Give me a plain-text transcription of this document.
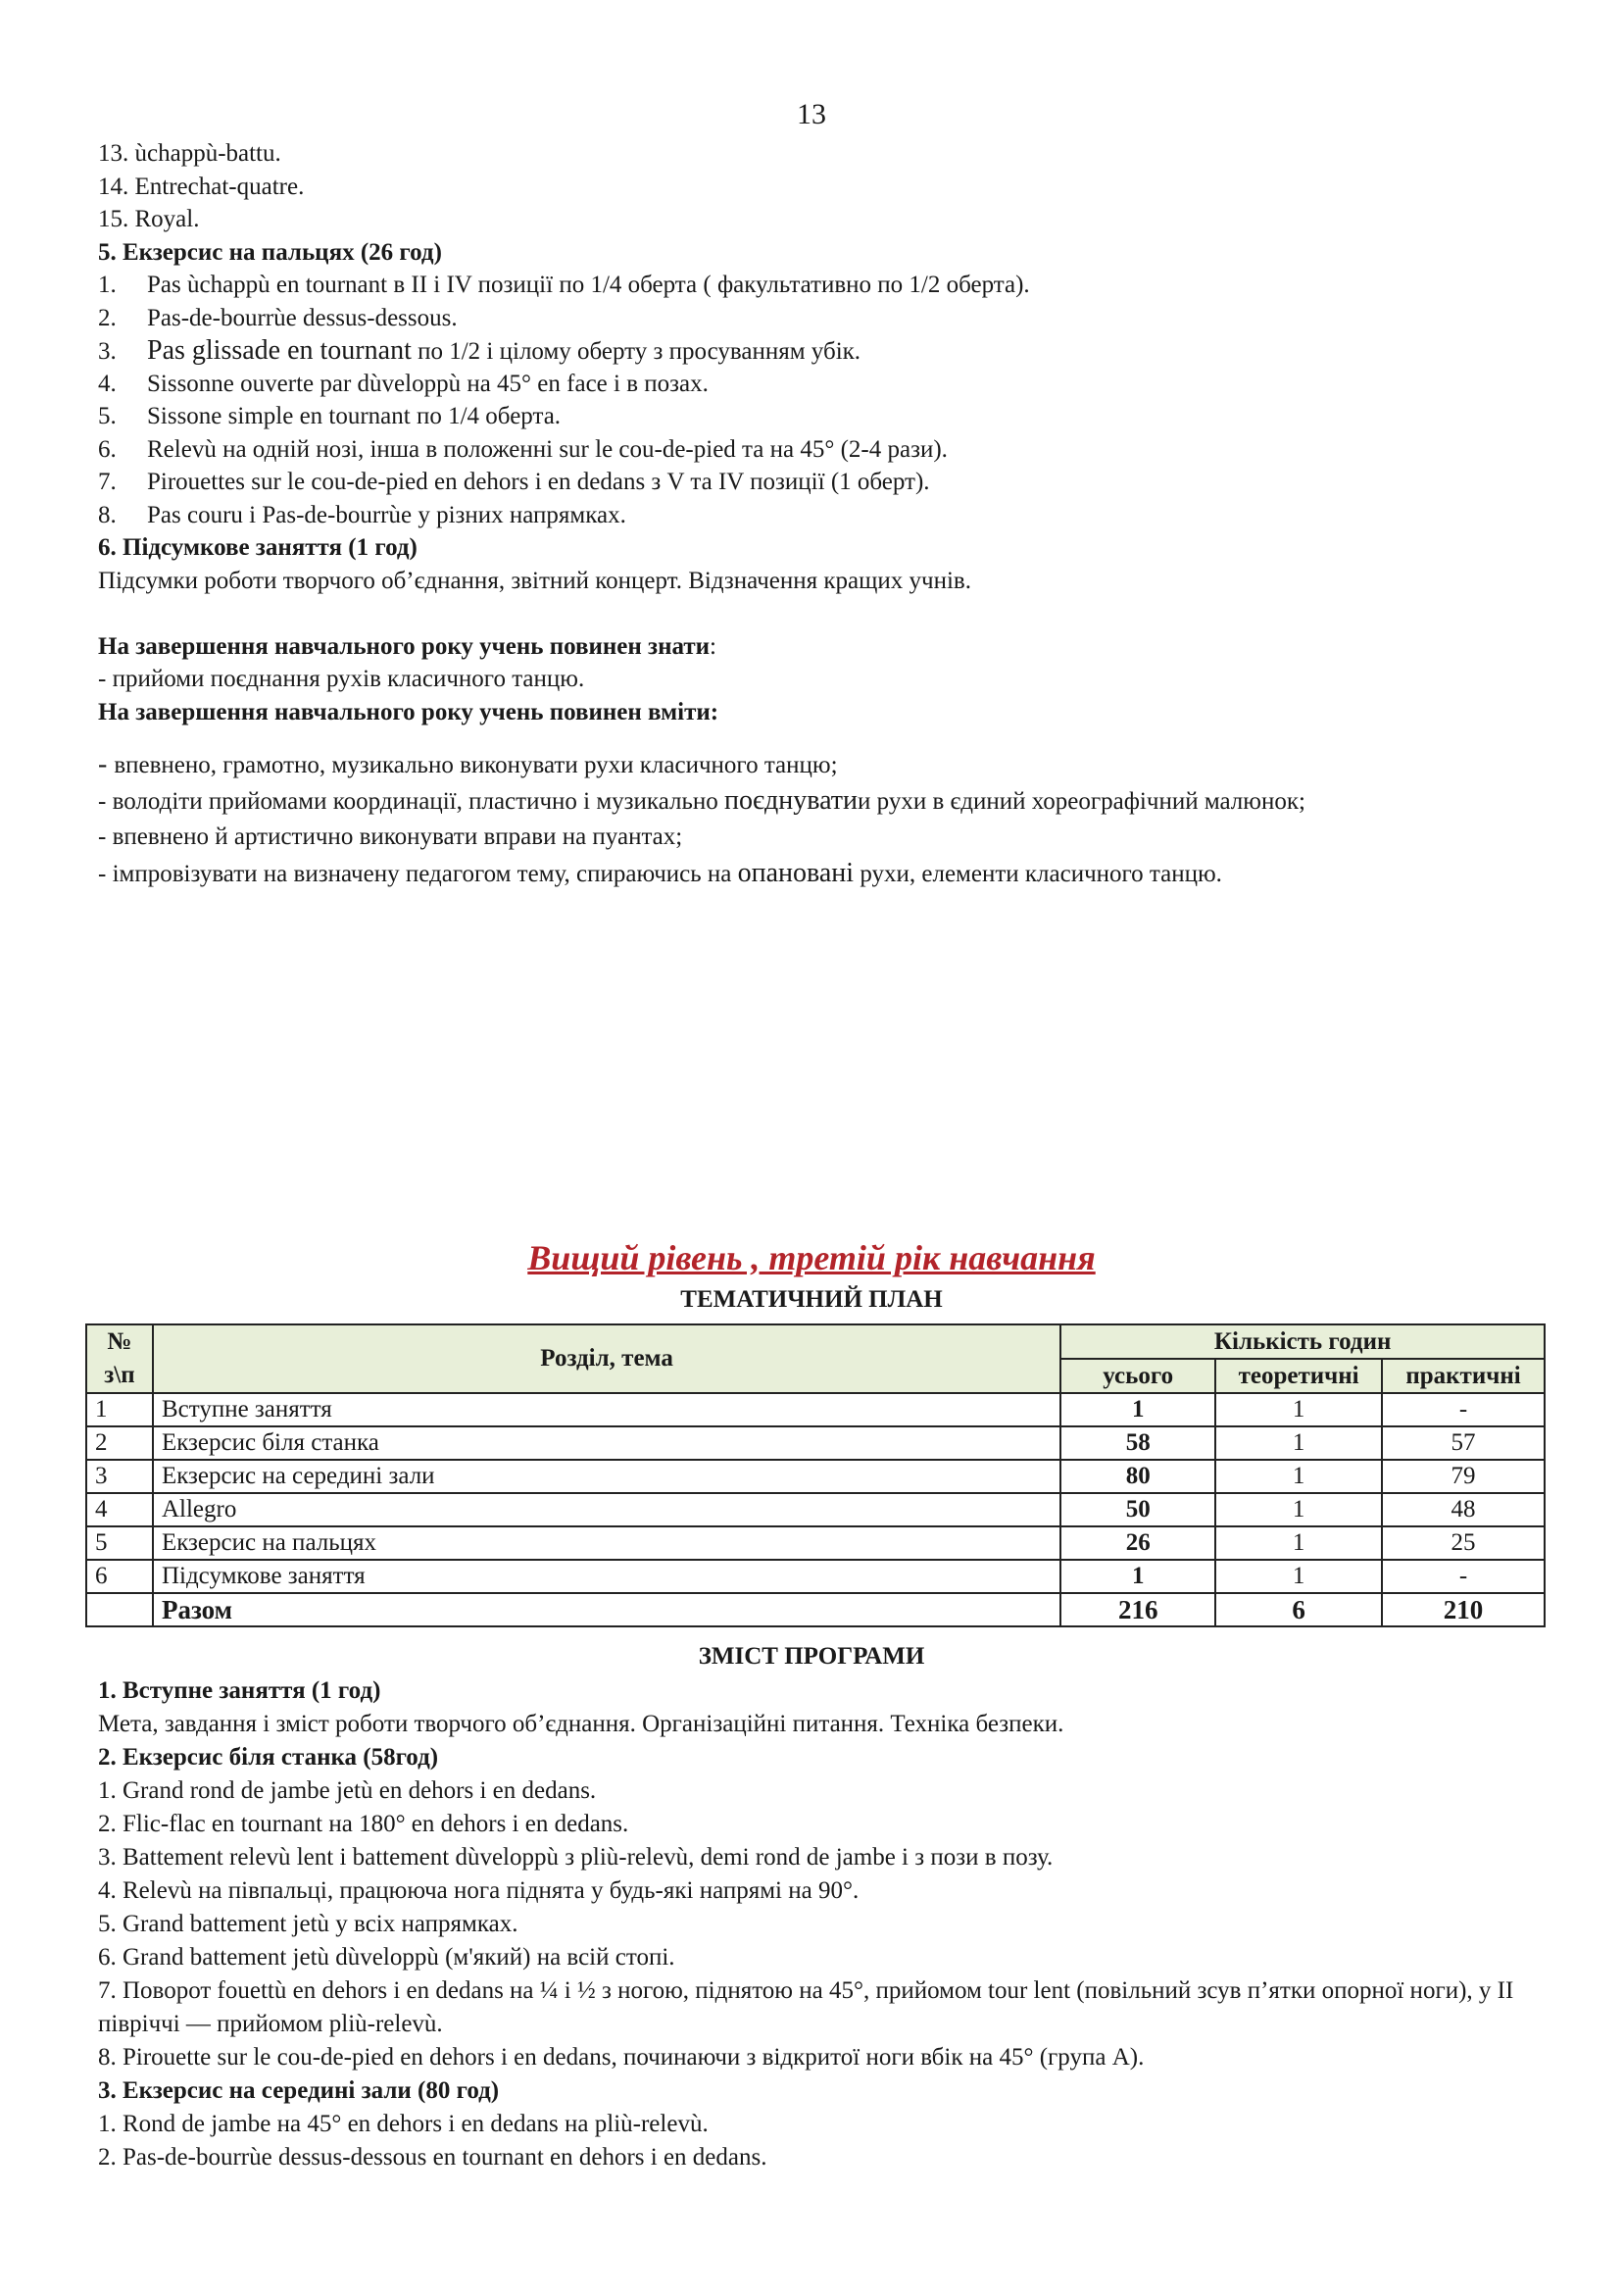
13
13. ùchappù-battu.
14. Entrechat-quatre.
15. Royal.
5. Екзерсис на пальцях (26 год)
1. Pas ùchappù en tournant в ІІ і ІV позиції по 1/4 оберта ( факультативно по 1/2 оберта).
2. Pas-de-bourrùe dessus-dessous.
3. Pas glissade en tournant по 1/2 і цілому оберту з просуванням убік.
4. Sissonne ouverte par dùveloppù на 45° en face і в позах.
5. Sissone simple en tournant по 1/4 оберта.
6. Relevù на одній нозі, інша в положенні sur le cou-de-pied та на 45° (2-4 рази).
7. Pirouettes sur le cou-de-pied en dehors і en dedans з V та ІV позиції (1 оберт).
8. Pas couru і Pas-de-bourrùe у різних напрямках.
6. Підсумкове заняття (1 год)
Підсумки роботи творчого об’єднання, звітний концерт. Відзначення кращих учнів.
На завершення навчального року учень повинен знати:
- прийоми поєднання рухів класичного танцю.
На завершення навчального року учень повинен вміти:
- впевнено, грамотно, музикально виконувати рухи класичного танцю;
- володіти прийомами координації, пластично і музикально поєднуватии рухи в єдиний хореографічний малюнок;
- впевнено й артистично виконувати вправи на пуантах;
- імпровізувати на визначену педагогом тему, спираючись на опановані рухи, елементи класичного танцю.
Вищий рівень , третій рік навчання
ТЕМАТИЧНИЙ ПЛАН
№
з\п	Розділ, тема	Кількість годин		
		усього	теоретичні	практичні
1	Вступне заняття	1	1	-
2	Екзерсис біля станка	58	1	57
3	Екзерсис на середині зали	80	1	79
4	Allegro	50	1	48
5	Екзерсис на пальцях	26	1	25
6	Підсумкове заняття	1	1	-
	Разом	216	6	210
ЗМІСТ ПРОГРАМИ
1. Вступне заняття (1 год)
Мета, завдання і зміст роботи творчого об’єднання. Організаційні питання. Техніка безпеки.
2. Екзерсис біля станка (58год)
1. Grand rond de jambe jetù en dehors і en dedans.
2. Flic-flac en tournant на 180° en dehors і en dedans.
3. Battement relevù lent і battement dùveloppù з pliù-relevù, demi rond de jambe і з пози в позу.
4. Relevù на півпальці, працююча нога піднята у будь-які напрямі на 90°.
5. Grand battement jetù у всіх напрямках.
6. Grand battement jetù dùveloppù (м'який) на всій стопі.
7. Поворот fouettù en dehors і en dedans на ¼ і ½ з ногою, піднятою на 45°, прийомом tour lent (повільний зсув п’ятки опорної ноги), у ІІ півріччі — прийомом pliù-relevù.
8. Pirouette sur le cou-de-pied en dehors і en dedans, починаючи з відкритої ноги вбік на 45° (група А).
3. Екзерсис на середині зали (80 год)
1. Rond de jambe на 45° en dehors і en dedans на pliù-relevù.
2. Pas-de-bourrùe dessus-dessous en tournant en dehors і en dedans.
